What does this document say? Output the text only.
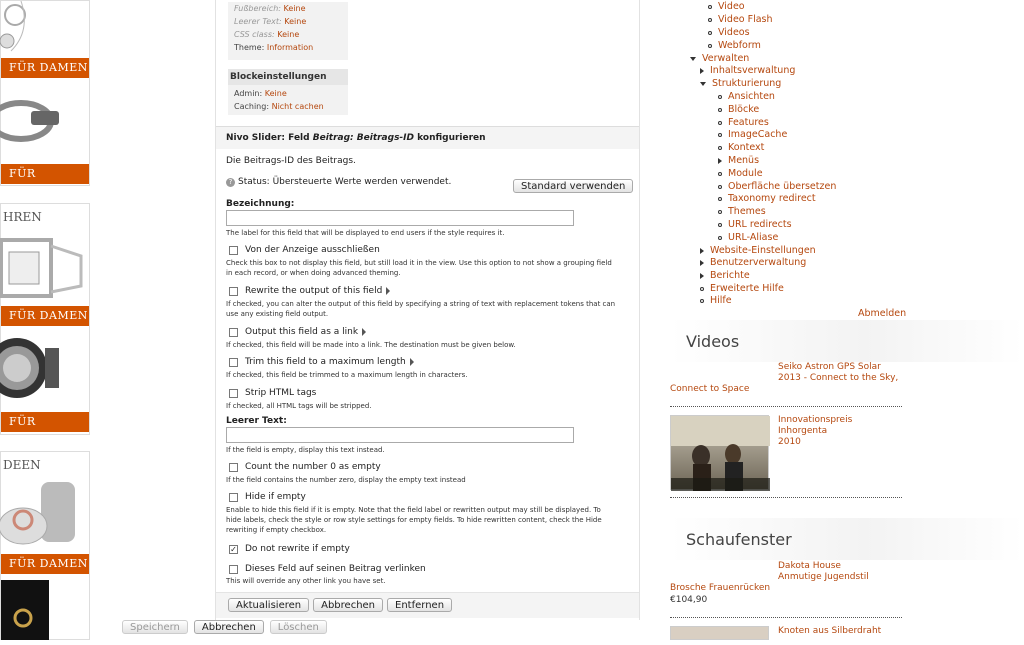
FÜR DAMEN
FÜR HERREN
HREN
FÜR DAMEN
FÜR HERREN
DEEN
FÜR DAMEN
Speichern	Abbrechen	Löschen
Fußbereich: Keine
Leerer Text: Keine
CSS class: Keine
Theme: Information
Blockeinstellungen
Admin: Keine
Caching: Nicht cachen
Nivo Slider: Feld Beitrag: Beitrags-ID konfigurieren
Die Beitrags-ID des Beitrags.
? Status: Übersteuerte Werte werden verwendet.	Standard verwenden
Bezeichnung:
The label for this field that will be displayed to end users if the style requires it.
Von der Anzeige ausschließen
Check this box to not display this field, but still load it in the view. Use this option to not show a grouping field
in each record, or when doing advanced theming.
Rewrite the output of this field
If checked, you can alter the output of this field by specifying a string of text with replacement tokens that can
use any existing field output.
Output this field as a link
If checked, this field will be made into a link. The destination must be given below.
Trim this field to a maximum length
If checked, this field be trimmed to a maximum length in characters.
Strip HTML tags
If checked, all HTML tags will be stripped.
Leerer Text:
If the field is empty, display this text instead.
Count the number 0 as empty
If the field contains the number zero, display the empty text instead
Hide if empty
Enable to hide this field if it is empty. Note that the field label or rewritten output may still be displayed. To
hide labels, check the style or row style settings for empty fields. To hide rewritten content, check the Hide
rewriting if empty checkbox.
✓ Do not rewrite if empty
Dieses Feld auf seinen Beitrag verlinken
This will override any other link you have set.
Aktualisieren	Abbrechen	Entfernen
Video
Video Flash
Videos
Webform
Verwalten
Inhaltsverwaltung
Strukturierung
Ansichten
Blöcke
Features
ImageCache
Kontext
Menüs
Module
Oberfläche übersetzen
Taxonomy redirect
Themes
URL redirects
URL-Aliase
Website-Einstellungen
Benutzerverwaltung
Berichte
Erweiterte Hilfe
Hilfe
Abmelden
Videos
Seiko Astron GPS Solar
2013 - Connect to the Sky,
Connect to Space
Innovationspreis Inhorgenta
2010
Schaufenster
Dakota House
Anmutige Jugendstil
Brosche Frauenrücken
€104,90
Knoten aus Silberdraht
